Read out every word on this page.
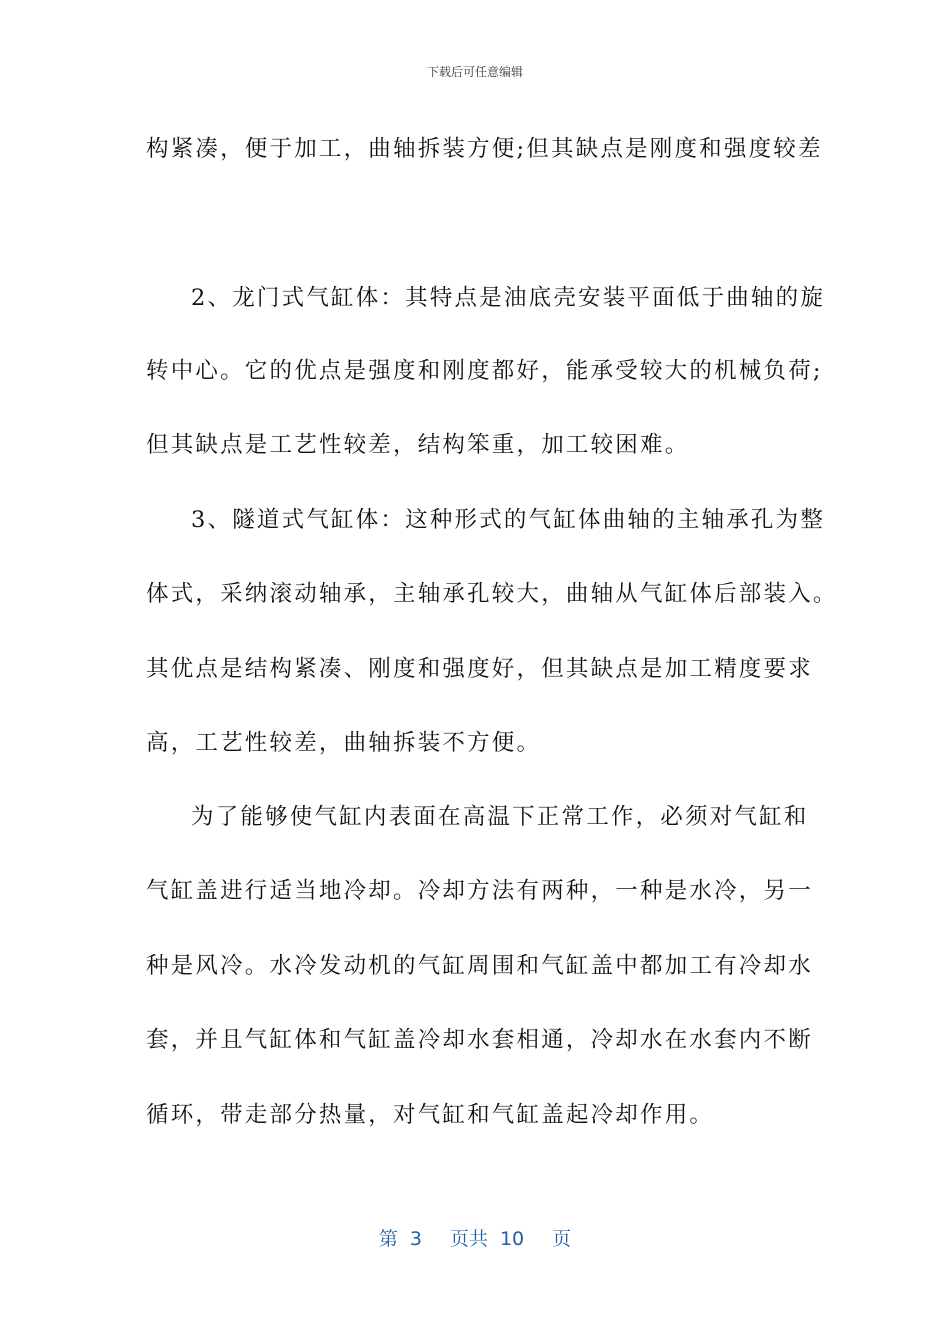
下载后可任意编辑
构紧凑，便于加工，曲轴拆装方便;但其缺点是刚度和强度较差
2、龙门式气缸体：其特点是油底壳安装平面低于曲轴的旋
转中心。它的优点是强度和刚度都好，能承受较大的机械负荷;
但其缺点是工艺性较差，结构笨重，加工较困难。
3、隧道式气缸体：这种形式的气缸体曲轴的主轴承孔为整
体式，采纳滚动轴承，主轴承孔较大，曲轴从气缸体后部装入。
其优点是结构紧凑、刚度和强度好，但其缺点是加工精度要求
高，工艺性较差，曲轴拆装不方便。
为了能够使气缸内表面在高温下正常工作，必须对气缸和
气缸盖进行适当地冷却。冷却方法有两种，一种是水冷，另一
种是风冷。水冷发动机的气缸周围和气缸盖中都加工有冷却水
套，并且气缸体和气缸盖冷却水套相通，冷却水在水套内不断
循环，带走部分热量，对气缸和气缸盖起冷却作用。
第 3 页共 10 页
